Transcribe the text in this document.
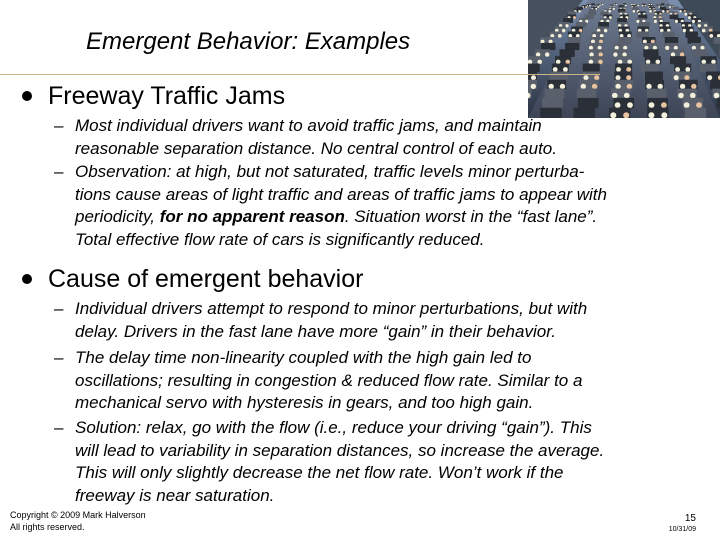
Emergent Behavior: Examples
Freeway Traffic Jams
– Most individual drivers want to avoid traffic jams, and maintain
reasonable separation distance. No central control of each auto.
– Observation: at high, but not saturated, traffic levels minor perturba-
tions cause areas of light traffic and areas of traffic jams to appear with
periodicity, for no apparent reason. Situation worst in the “fast lane”.
Total effective flow rate of cars is significantly reduced.
Cause of emergent behavior
– Individual drivers attempt to respond to minor perturbations, but with
delay. Drivers in the fast lane have more “gain” in their behavior.
– The delay time non-linearity coupled with the high gain led to
oscillations; resulting in congestion & reduced flow rate. Similar to a
mechanical servo with hysteresis in gears, and too high gain.
– Solution: relax, go with the flow (i.e., reduce your driving “gain”). This
will lead to variability in separation distances, so increase the average.
This will only slightly decrease the net flow rate. Won’t work if the
freeway is near saturation.
Copyright © 2009 Mark Halverson
All rights reserved.
15
10/31/09
